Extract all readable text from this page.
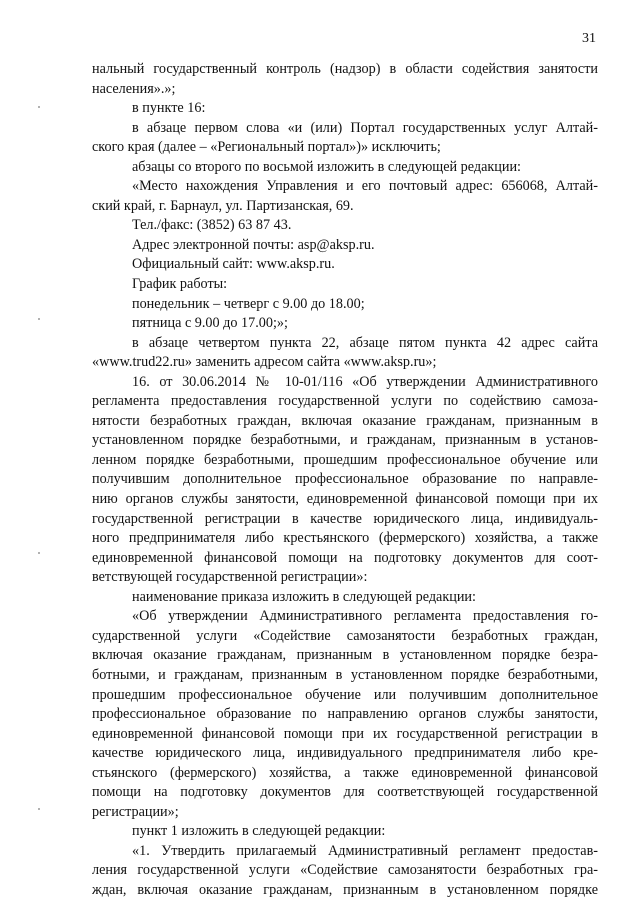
31
нальный государственный контроль (надзор) в области содействия занятости
населения».»;
в пункте 16:
в абзаце первом слова «и (или) Портал государственных услуг Алтай-
ского края (далее – «Региональный портал»)» исключить;
абзацы со второго по восьмой изложить в следующей редакции:
«Место нахождения Управления и его почтовый адрес: 656068, Алтай-
ский край, г. Барнаул, ул. Партизанская, 69.
Тел./факс: (3852) 63 87 43.
Адрес электронной почты: asp@aksp.ru.
Официальный сайт: www.aksp.ru.
График работы:
понедельник – четверг с 9.00 до 18.00;
пятница с 9.00 до 17.00;»;
в абзаце четвертом пункта 22, абзаце пятом пункта 42 адрес сайта
«www.trud22.ru» заменить адресом сайта «www.aksp.ru»;
16. от 30.06.2014 № 10-01/116 «Об утверждении Административного
регламента предоставления государственной услуги по содействию самоза-
нятости безработных граждан, включая оказание гражданам, признанным в
установленном порядке безработными, и гражданам, признанным в установ-
ленном порядке безработными, прошедшим профессиональное обучение или
получившим дополнительное профессиональное образование по направле-
нию органов службы занятости, единовременной финансовой помощи при их
государственной регистрации в качестве юридического лица, индивидуаль-
ного предпринимателя либо крестьянского (фермерского) хозяйства, а также
единовременной финансовой помощи на подготовку документов для соот-
ветствующей государственной регистрации»:
наименование приказа изложить в следующей редакции:
«Об утверждении Административного регламента предоставления го-
сударственной услуги «Содействие самозанятости безработных граждан,
включая оказание гражданам, признанным в установленном порядке безра-
ботными, и гражданам, признанным в установленном порядке безработными,
прошедшим профессиональное обучение или получившим дополнительное
профессиональное образование по направлению органов службы занятости,
единовременной финансовой помощи при их государственной регистрации в
качестве юридического лица, индивидуального предпринимателя либо кре-
стьянского (фермерского) хозяйства, а также единовременной финансовой
помощи на подготовку документов для соответствующей государственной
регистрации»;
пункт 1 изложить в следующей редакции:
«1. Утвердить прилагаемый Административный регламент предостав-
ления государственной услуги «Содействие самозанятости безработных гра-
ждан, включая оказание гражданам, признанным в установленном порядке
